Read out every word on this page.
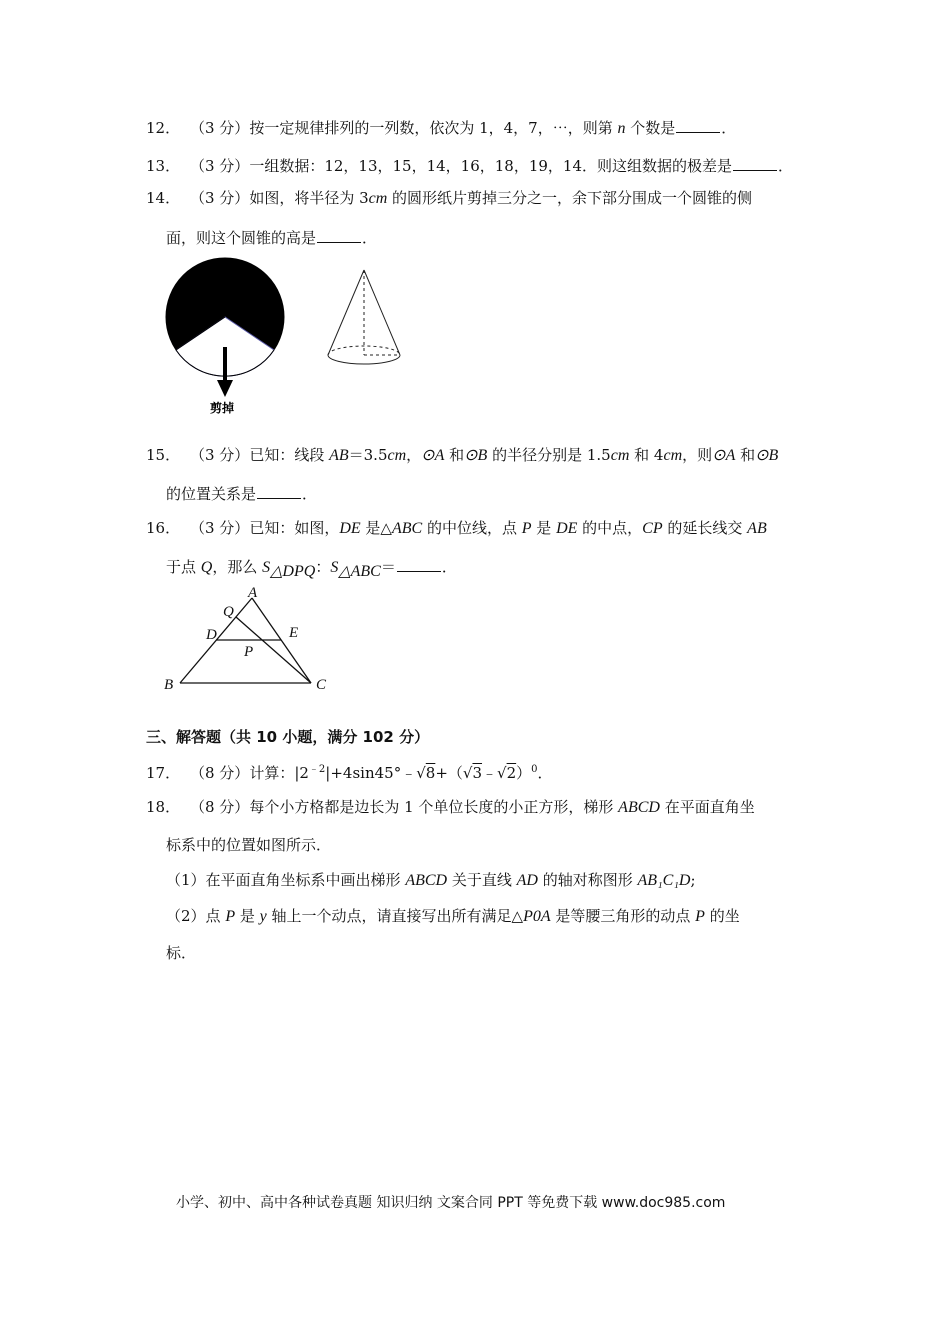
12． （3 分）按一定规律排列的一列数，依次为 1，4，7，⋯，则第 n 个数是	．
13． （3 分）一组数据：12，13，15，14，16，18，19，14．则这组数据的极差是	．
14． （3 分）如图，将半径为 3cm 的圆形纸片剪掉三分之一，余下部分围成一个圆锥的侧
面，则这个圆锥的高是	．
剪掉
15． （3 分）已知：线段 AB＝3.5cm，⊙A 和⊙B 的半径分别是 1.5cm 和 4cm，则⊙A 和⊙B
的位置关系是	．
16． （3 分）已知：如图，DE 是△ABC 的中位线，点 P 是 DE 的中点，CP 的延长线交 AB
于点 Q，那么 $S_{\triangle DPQ}$：$S_{\triangle ABC}=$	．
A
Q
D	E
P
B	C
三、解答题（共 10 小题，满分 102 分）
17． （8 分）计算：$|2^{﹣2}|+4\sin 45^\circ﹣√8+(√3﹣√2)^0$．
18． （8 分）每个小方格都是边长为 1 个单位长度的小正方形，梯形 ABCD 在平面直角坐
标系中的位置如图所示．
（1）在平面直角坐标系中画出梯形 ABCD 关于直线 AD 的轴对称图形 AB₁C₁D;
（2）点 P 是 y 轴上一个动点，请直接写出所有满足△P0A 是等腰三角形的动点 P 的坐
标．
小学、初中、高中各种试卷真题 知识归纳 文案合同 PPT 等免费下载 www.doc985.com
